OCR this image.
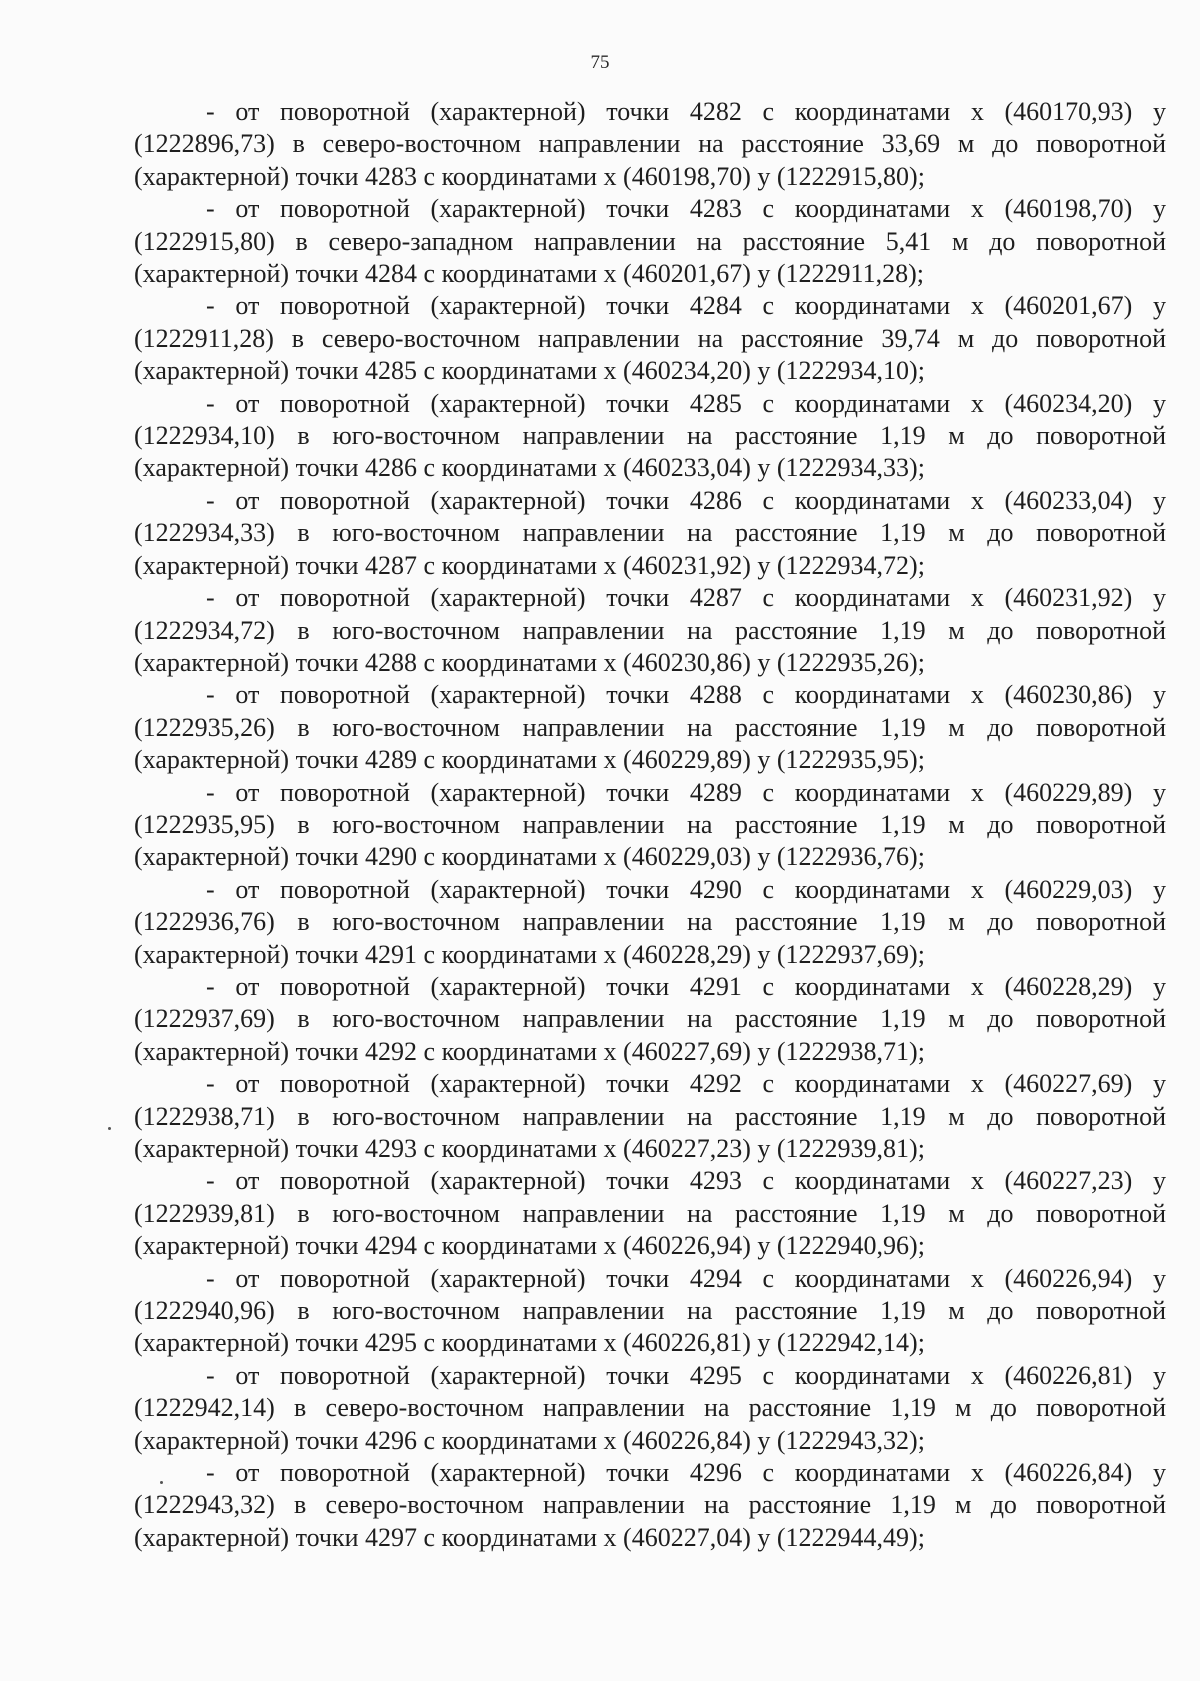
75

- от поворотной (характерной) точки 4282 с координатами х (460170,93) у (1222896,73) в северо-восточном направлении на расстояние 33,69 м до поворотной (характерной) точки 4283 с координатами х (460198,70) у (1222915,80);

- от поворотной (характерной) точки 4283 с координатами х (460198,70) у (1222915,80) в северо-западном направлении на расстояние 5,41 м до поворотной (характерной) точки 4284 с координатами х (460201,67) у (1222911,28);

- от поворотной (характерной) точки 4284 с координатами х (460201,67) у (1222911,28) в северо-восточном направлении на расстояние 39,74 м до поворотной (характерной) точки 4285 с координатами х (460234,20) у (1222934,10);

- от поворотной (характерной) точки 4285 с координатами х (460234,20) у (1222934,10) в юго-восточном направлении на расстояние 1,19 м до поворотной (характерной) точки 4286 с координатами х (460233,04) у (1222934,33);

- от поворотной (характерной) точки 4286 с координатами х (460233,04) у (1222934,33) в юго-восточном направлении на расстояние 1,19 м до поворотной (характерной) точки 4287 с координатами х (460231,92) у (1222934,72);

- от поворотной (характерной) точки 4287 с координатами х (460231,92) у (1222934,72) в юго-восточном направлении на расстояние 1,19 м до поворотной (характерной) точки 4288 с координатами х (460230,86) у (1222935,26);

- от поворотной (характерной) точки 4288 с координатами х (460230,86) у (1222935,26) в юго-восточном направлении на расстояние 1,19 м до поворотной (характерной) точки 4289 с координатами х (460229,89) у (1222935,95);

- от поворотной (характерной) точки 4289 с координатами х (460229,89) у (1222935,95) в юго-восточном направлении на расстояние 1,19 м до поворотной (характерной) точки 4290 с координатами х (460229,03) у (1222936,76);

- от поворотной (характерной) точки 4290 с координатами х (460229,03) у (1222936,76) в юго-восточном направлении на расстояние 1,19 м до поворотной (характерной) точки 4291 с координатами х (460228,29) у (1222937,69);

- от поворотной (характерной) точки 4291 с координатами х (460228,29) у (1222937,69) в юго-восточном направлении на расстояние 1,19 м до поворотной (характерной) точки 4292 с координатами х (460227,69) у (1222938,71);

- от поворотной (характерной) точки 4292 с координатами х (460227,69) у (1222938,71) в юго-восточном направлении на расстояние 1,19 м до поворотной (характерной) точки 4293 с координатами х (460227,23) у (1222939,81);

- от поворотной (характерной) точки 4293 с координатами х (460227,23) у (1222939,81) в юго-восточном направлении на расстояние 1,19 м до поворотной (характерной) точки 4294 с координатами х (460226,94) у (1222940,96);

- от поворотной (характерной) точки 4294 с координатами х (460226,94) у (1222940,96) в юго-восточном направлении на расстояние 1,19 м до поворотной (характерной) точки 4295 с координатами х (460226,81) у (1222942,14);

- от поворотной (характерной) точки 4295 с координатами х (460226,81) у (1222942,14) в северо-восточном направлении на расстояние 1,19 м до поворотной (характерной) точки 4296 с координатами х (460226,84) у (1222943,32);

- от поворотной (характерной) точки 4296 с координатами х (460226,84) у (1222943,32) в северо-восточном направлении на расстояние 1,19 м до поворотной (характерной) точки 4297 с координатами х (460227,04) у (1222944,49);
